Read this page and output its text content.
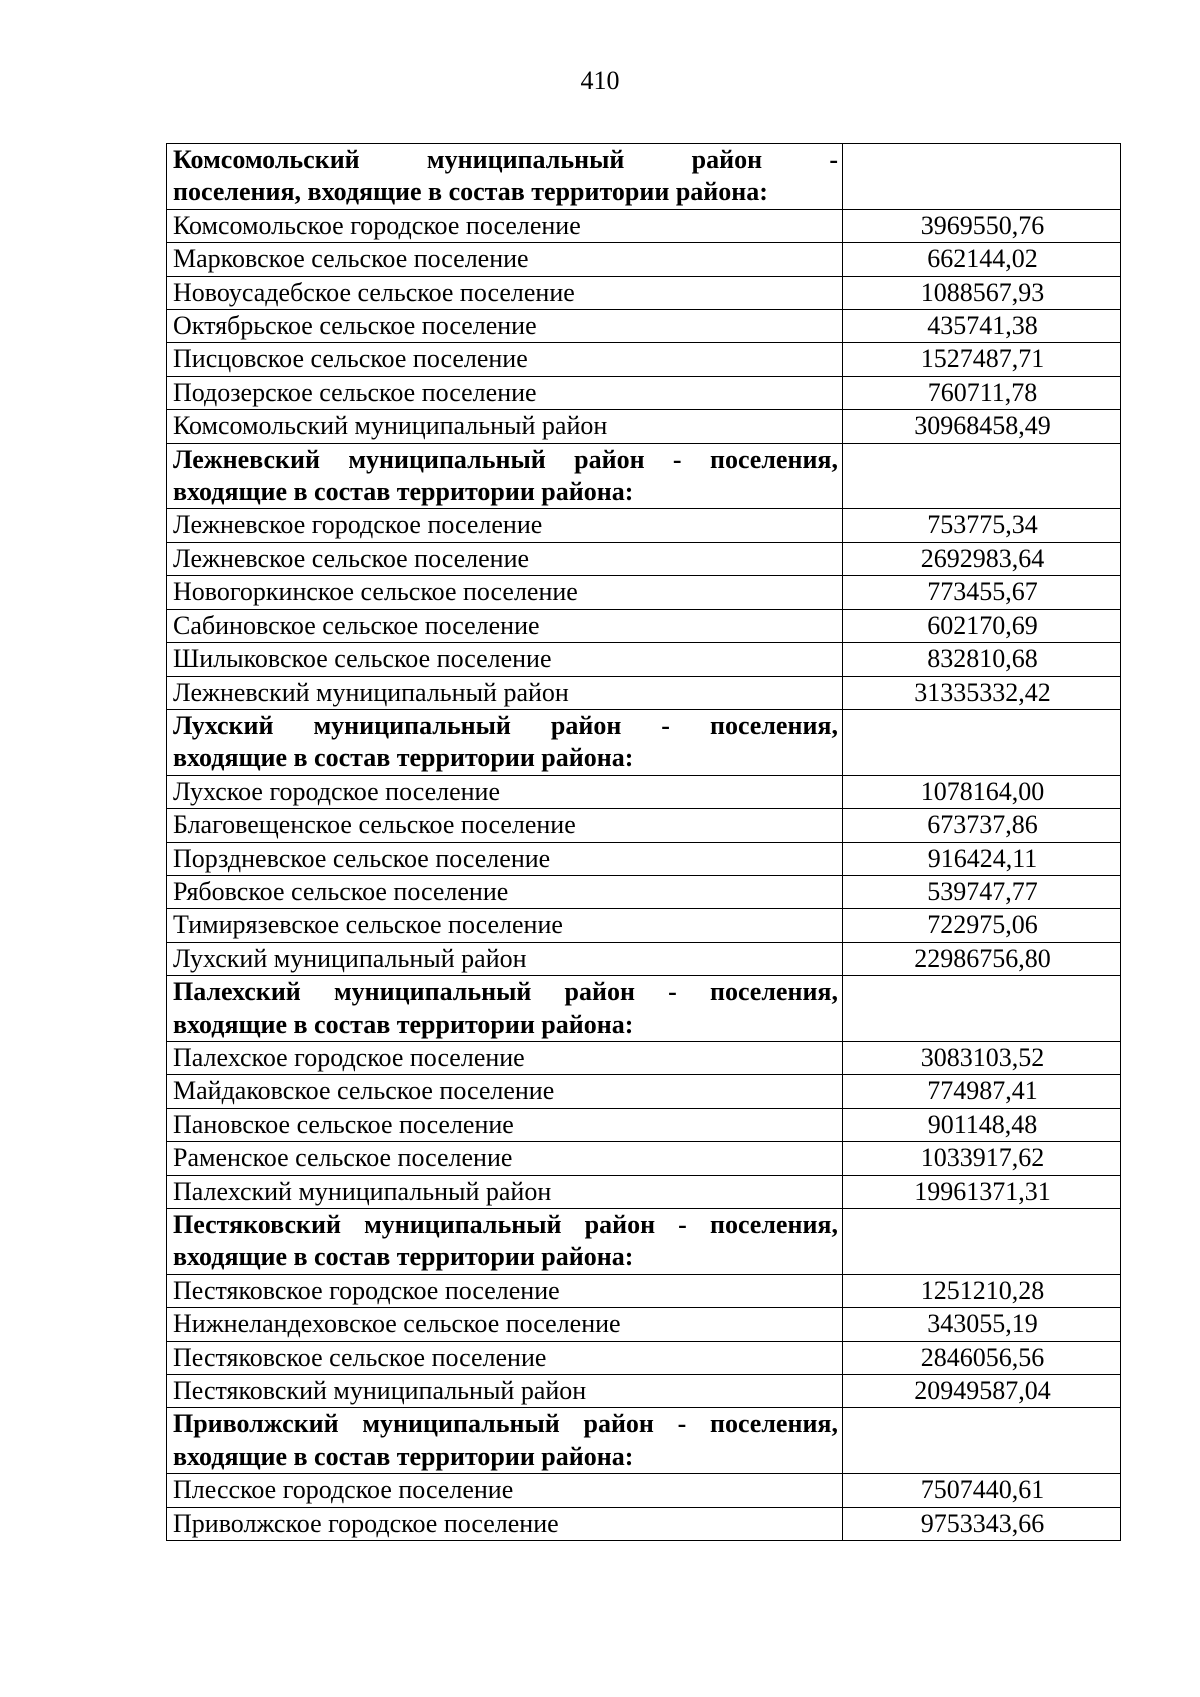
410
Комсомольский муниципальный район -
поселения, входящие в состав территории района:	

Комсомольское городское поселение	3969550,76
Марковское сельское поселение	662144,02
Новоусадебское сельское поселение	1088567,93
Октябрьское сельское поселение	435741,38
Писцовское сельское поселение	1527487,71
Подозерское сельское поселение	760711,78
Комсомольский муниципальный район	30968458,49

Лежневский муниципальный район - поселения,
входящие в состав территории района:	

Лежневское городское поселение	753775,34
Лежневское сельское поселение	2692983,64
Новогоркинское сельское поселение	773455,67
Сабиновское сельское поселение	602170,69
Шилыковское сельское поселение	832810,68
Лежневский муниципальный район	31335332,42

Лухский муниципальный район - поселения,
входящие в состав территории района:	

Лухское городское поселение	1078164,00
Благовещенское сельское поселение	673737,86
Порздневское сельское поселение	916424,11
Рябовское сельское поселение	539747,77
Тимирязевское сельское поселение	722975,06
Лухский муниципальный район	22986756,80

Палехский муниципальный район - поселения,
входящие в состав территории района:	

Палехское городское поселение	3083103,52
Майдаковское сельское поселение	774987,41
Пановское сельское поселение	901148,48
Раменское сельское поселение	1033917,62
Палехский муниципальный район	19961371,31

Пестяковский муниципальный район - поселения,
входящие в состав территории района:	

Пестяковское городское поселение	1251210,28
Нижнеландеховское сельское поселение	343055,19
Пестяковское сельское поселение	2846056,56
Пестяковский муниципальный район	20949587,04

Приволжский муниципальный район - поселения,
входящие в состав территории района:	

Плесское городское поселение	7507440,61
Приволжское городское поселение	9753343,66
